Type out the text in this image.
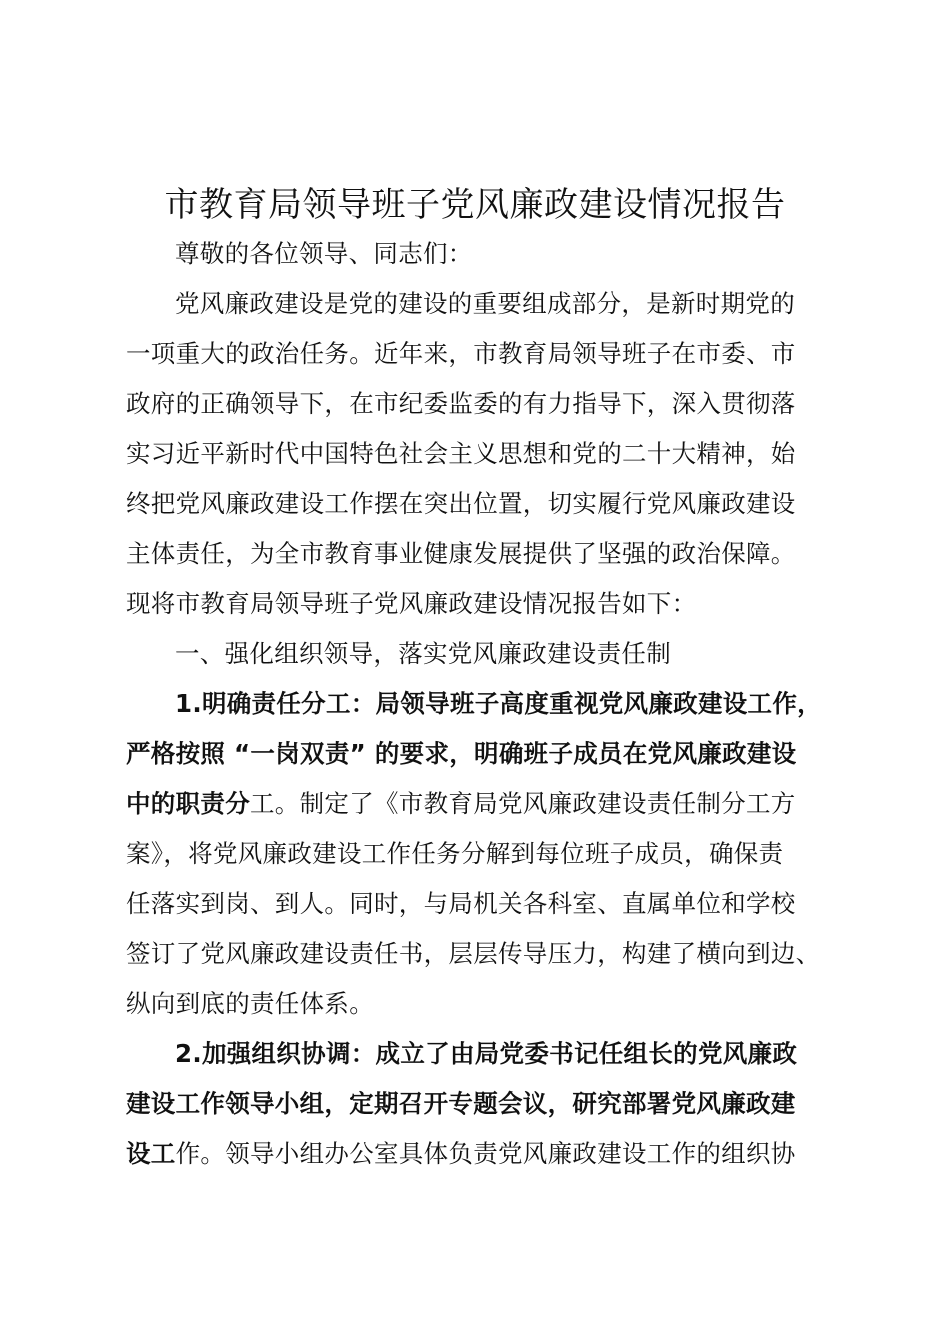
市教育局领导班子党风廉政建设情况报告
尊敬的各位领导、同志们：
党风廉政建设是党的建设的重要组成部分，是新时期党的
一项重大的政治任务。近年来，市教育局领导班子在市委、市
政府的正确领导下，在市纪委监委的有力指导下，深入贯彻落
实习近平新时代中国特色社会主义思想和党的二十大精神，始
终把党风廉政建设工作摆在突出位置，切实履行党风廉政建设
主体责任，为全市教育事业健康发展提供了坚强的政治保障。
现将市教育局领导班子党风廉政建设情况报告如下：
一、强化组织领导，落实党风廉政建设责任制
1.明确责任分工：局领导班子高度重视党风廉政建设工作，
严格按照 “一岗双责” 的要求，明确班子成员在党风廉政建设
中的职责分工。制定了《市教育局党风廉政建设责任制分工方
案》，将党风廉政建设工作任务分解到每位班子成员，确保责
任落实到岗、到人。同时，与局机关各科室、直属单位和学校
签订了党风廉政建设责任书，层层传导压力，构建了横向到边、
纵向到底的责任体系。
2.加强组织协调：成立了由局党委书记任组长的党风廉政
建设工作领导小组，定期召开专题会议，研究部署党风廉政建
设工作。领导小组办公室具体负责党风廉政建设工作的组织协
